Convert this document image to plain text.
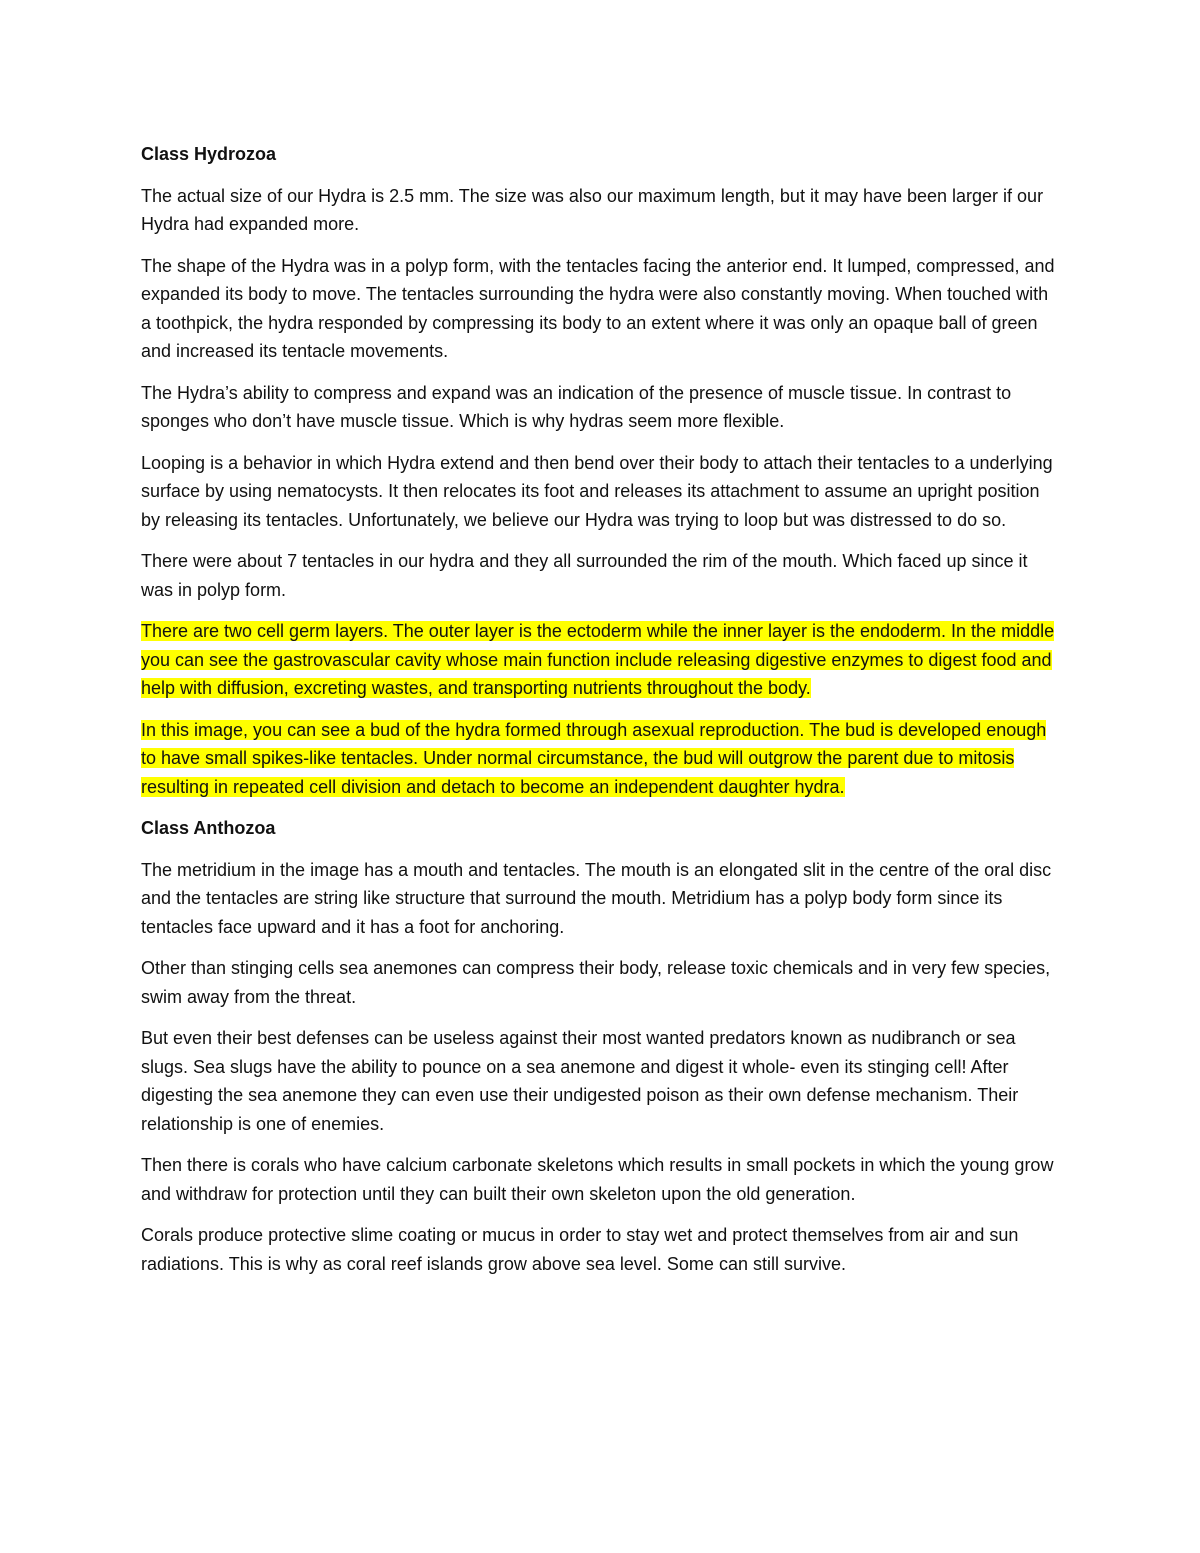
Class Hydrozoa

The actual size of our Hydra is 2.5 mm. The size was also our maximum length, but it may have been larger if our Hydra had expanded more.

The shape of the Hydra was in a polyp form, with the tentacles facing the anterior end. It lumped, compressed, and expanded its body to move. The tentacles surrounding the hydra were also constantly moving. When touched with a toothpick, the hydra responded by compressing its body to an extent where it was only an opaque ball of green and increased its tentacle movements.

The Hydra’s ability to compress and expand was an indication of the presence of muscle tissue. In contrast to sponges who don’t have muscle tissue. Which is why hydras seem more flexible.

Looping is a behavior in which Hydra extend and then bend over their body to attach their tentacles to a underlying surface by using nematocysts. It then relocates its foot and releases its attachment to assume an upright position by releasing its tentacles. Unfortunately, we believe our Hydra was trying to loop but was distressed to do so.

There were about 7 tentacles in our hydra and they all surrounded the rim of the mouth. Which faced up since it was in polyp form.

There are two cell germ layers. The outer layer is the ectoderm while the inner layer is the endoderm. In the middle you can see the gastrovascular cavity whose main function include releasing digestive enzymes to digest food and help with diffusion, excreting wastes, and transporting nutrients throughout the body.

In this image, you can see a bud of the hydra formed through asexual reproduction. The bud is developed enough to have small spikes-like tentacles. Under normal circumstance, the bud will outgrow the parent due to mitosis resulting in repeated cell division and detach to become an independent daughter hydra.

Class Anthozoa

The metridium in the image has a mouth and tentacles. The mouth is an elongated slit in the centre of the oral disc and the tentacles are string like structure that surround the mouth. Metridium has a polyp body form since its tentacles face upward and it has a foot for anchoring.

Other than stinging cells sea anemones can compress their body, release toxic chemicals and in very few species, swim away from the threat.

But even their best defenses can be useless against their most wanted predators known as nudibranch or sea slugs. Sea slugs have the ability to pounce on a sea anemone and digest it whole- even its stinging cell! After digesting the sea anemone they can even use their undigested poison as their own defense mechanism. Their relationship is one of enemies.

Then there is corals who have calcium carbonate skeletons which results in small pockets in which the young grow and withdraw for protection until they can built their own skeleton upon the old generation.

Corals produce protective slime coating or mucus in order to stay wet and protect themselves from air and sun radiations. This is why as coral reef islands grow above sea level. Some can still survive.
